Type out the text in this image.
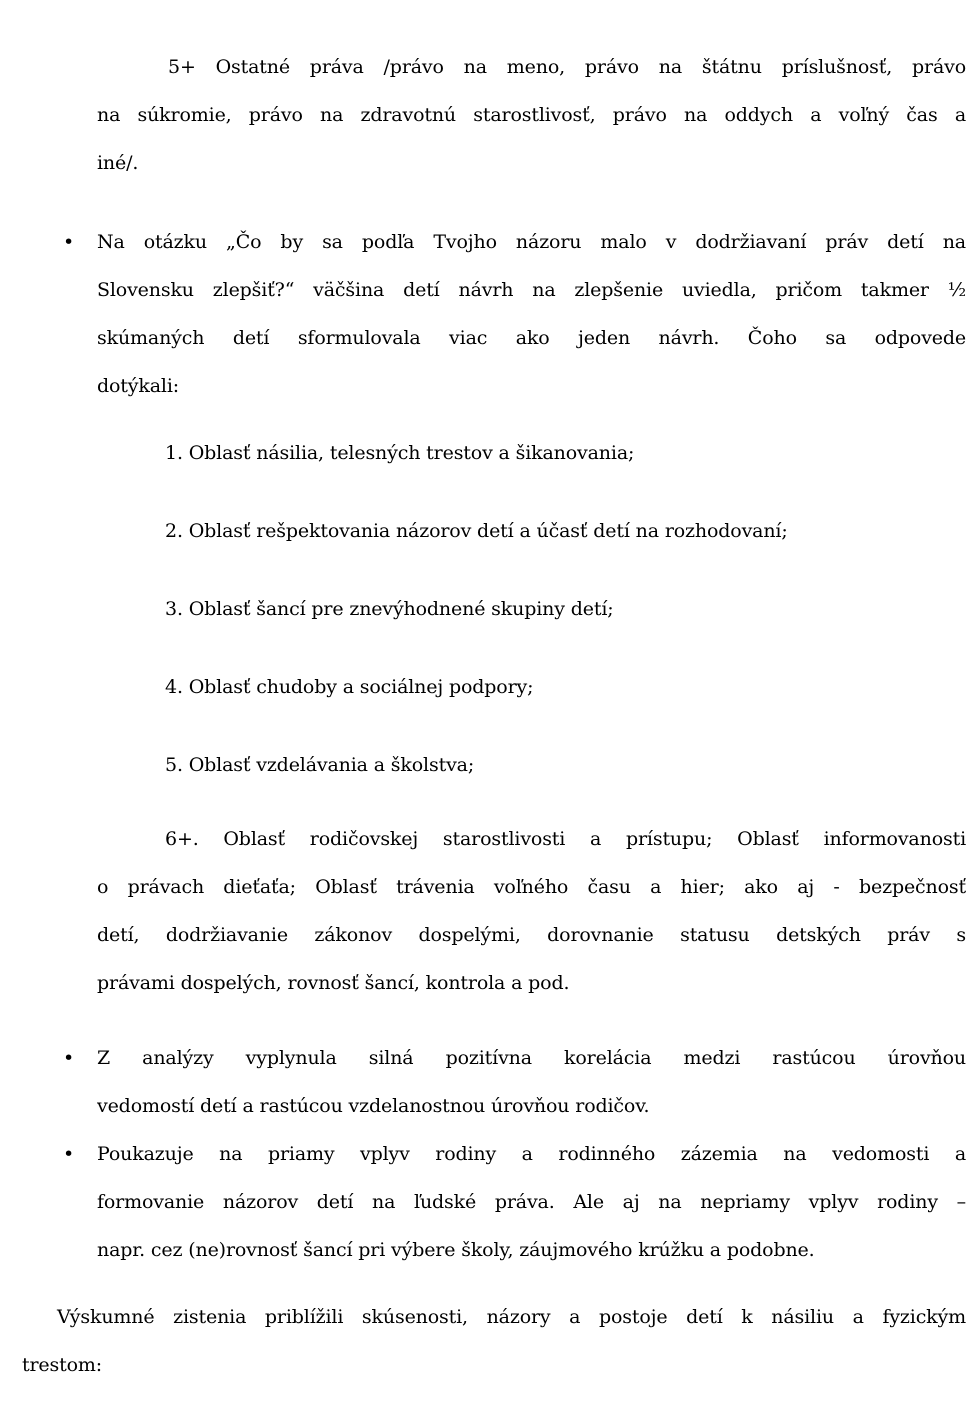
5+ Ostatné práva /právo na meno, právo na štátnu príslušnosť, právo
na súkromie, právo na zdravotnú starostlivosť, právo na oddych a voľný čas a
iné/.
• Na otázku „Čo by sa podľa Tvojho názoru malo v dodržiavaní práv detí na
Slovensku zlepšiť?“ väčšina detí návrh na zlepšenie uviedla, pričom takmer ½
skúmaných detí sformulovala viac ako jeden návrh. Čoho sa odpovede
dotýkali:
1. Oblasť násilia, telesných trestov a šikanovania;
2. Oblasť rešpektovania názorov detí a účasť detí na rozhodovaní;
3. Oblasť šancí pre znevýhodnené skupiny detí;
4. Oblasť chudoby a sociálnej podpory;
5. Oblasť vzdelávania a školstva;
6+. Oblasť rodičovskej starostlivosti a prístupu; Oblasť informovanosti
o právach dieťaťa; Oblasť trávenia voľného času a hier; ako aj - bezpečnosť
detí, dodržiavanie zákonov dospelými, dorovnanie statusu detských práv s
právami dospelých, rovnosť šancí, kontrola a pod.
• Z analýzy vyplynula silná pozitívna korelácia medzi rastúcou úrovňou
vedomostí detí a rastúcou vzdelanostnou úrovňou rodičov.
• Poukazuje na priamy vplyv rodiny a rodinného zázemia na vedomosti a
formovanie názorov detí na ľudské práva. Ale aj na nepriamy vplyv rodiny –
napr. cez (ne)rovnosť šancí pri výbere školy, záujmového krúžku a podobne.
Výskumné zistenia priblížili skúsenosti, názory a postoje detí k násiliu a fyzickým
trestom:
